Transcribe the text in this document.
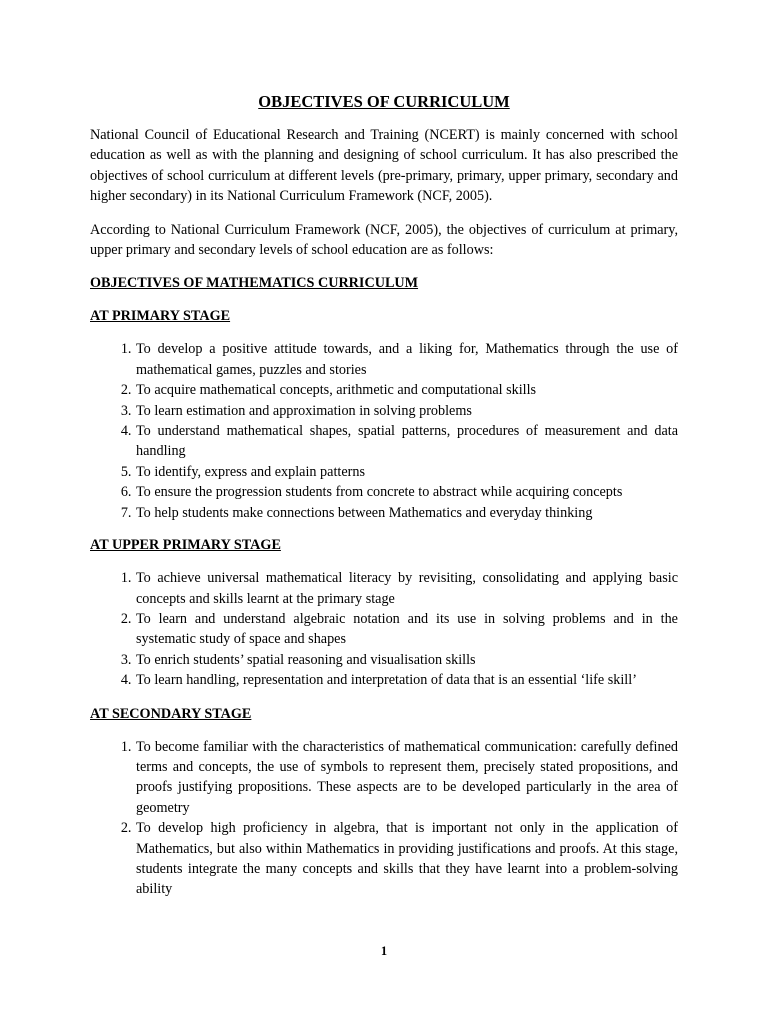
OBJECTIVES OF CURRICULUM

National Council of Educational Research and Training (NCERT) is mainly concerned with school education as well as with the planning and designing of school curriculum. It has also prescribed the objectives of school curriculum at different levels (pre-primary, primary, upper primary, secondary and higher secondary) in its National Curriculum Framework (NCF, 2005).

According to National Curriculum Framework (NCF, 2005), the objectives of curriculum at primary, upper primary and secondary levels of school education are as follows:

OBJECTIVES OF MATHEMATICS CURRICULUM
AT PRIMARY STAGE
1. To develop a positive attitude towards, and a liking for, Mathematics through the use of mathematical games, puzzles and stories
2. To acquire mathematical concepts, arithmetic and computational skills
3. To learn estimation and approximation in solving problems
4. To understand mathematical shapes, spatial patterns, procedures of measurement and data handling
5. To identify, express and explain patterns
6. To ensure the progression students from concrete to abstract while acquiring concepts
7. To help students make connections between Mathematics and everyday thinking
AT UPPER PRIMARY STAGE
1. To achieve universal mathematical literacy by revisiting, consolidating and applying basic concepts and skills learnt at the primary stage
2. To learn and understand algebraic notation and its use in solving problems and in the systematic study of space and shapes
3. To enrich students’ spatial reasoning and visualisation skills
4. To learn handling, representation and interpretation of data that is an essential ‘life skill’
AT SECONDARY STAGE
1. To become familiar with the characteristics of mathematical communication: carefully defined terms and concepts, the use of symbols to represent them, precisely stated propositions, and proofs justifying propositions. These aspects are to be developed particularly in the area of geometry
2. To develop high proficiency in algebra, that is important not only in the application of Mathematics, but also within Mathematics in providing justifications and proofs. At this stage, students integrate the many concepts and skills that they have learnt into a problem-solving ability
1
